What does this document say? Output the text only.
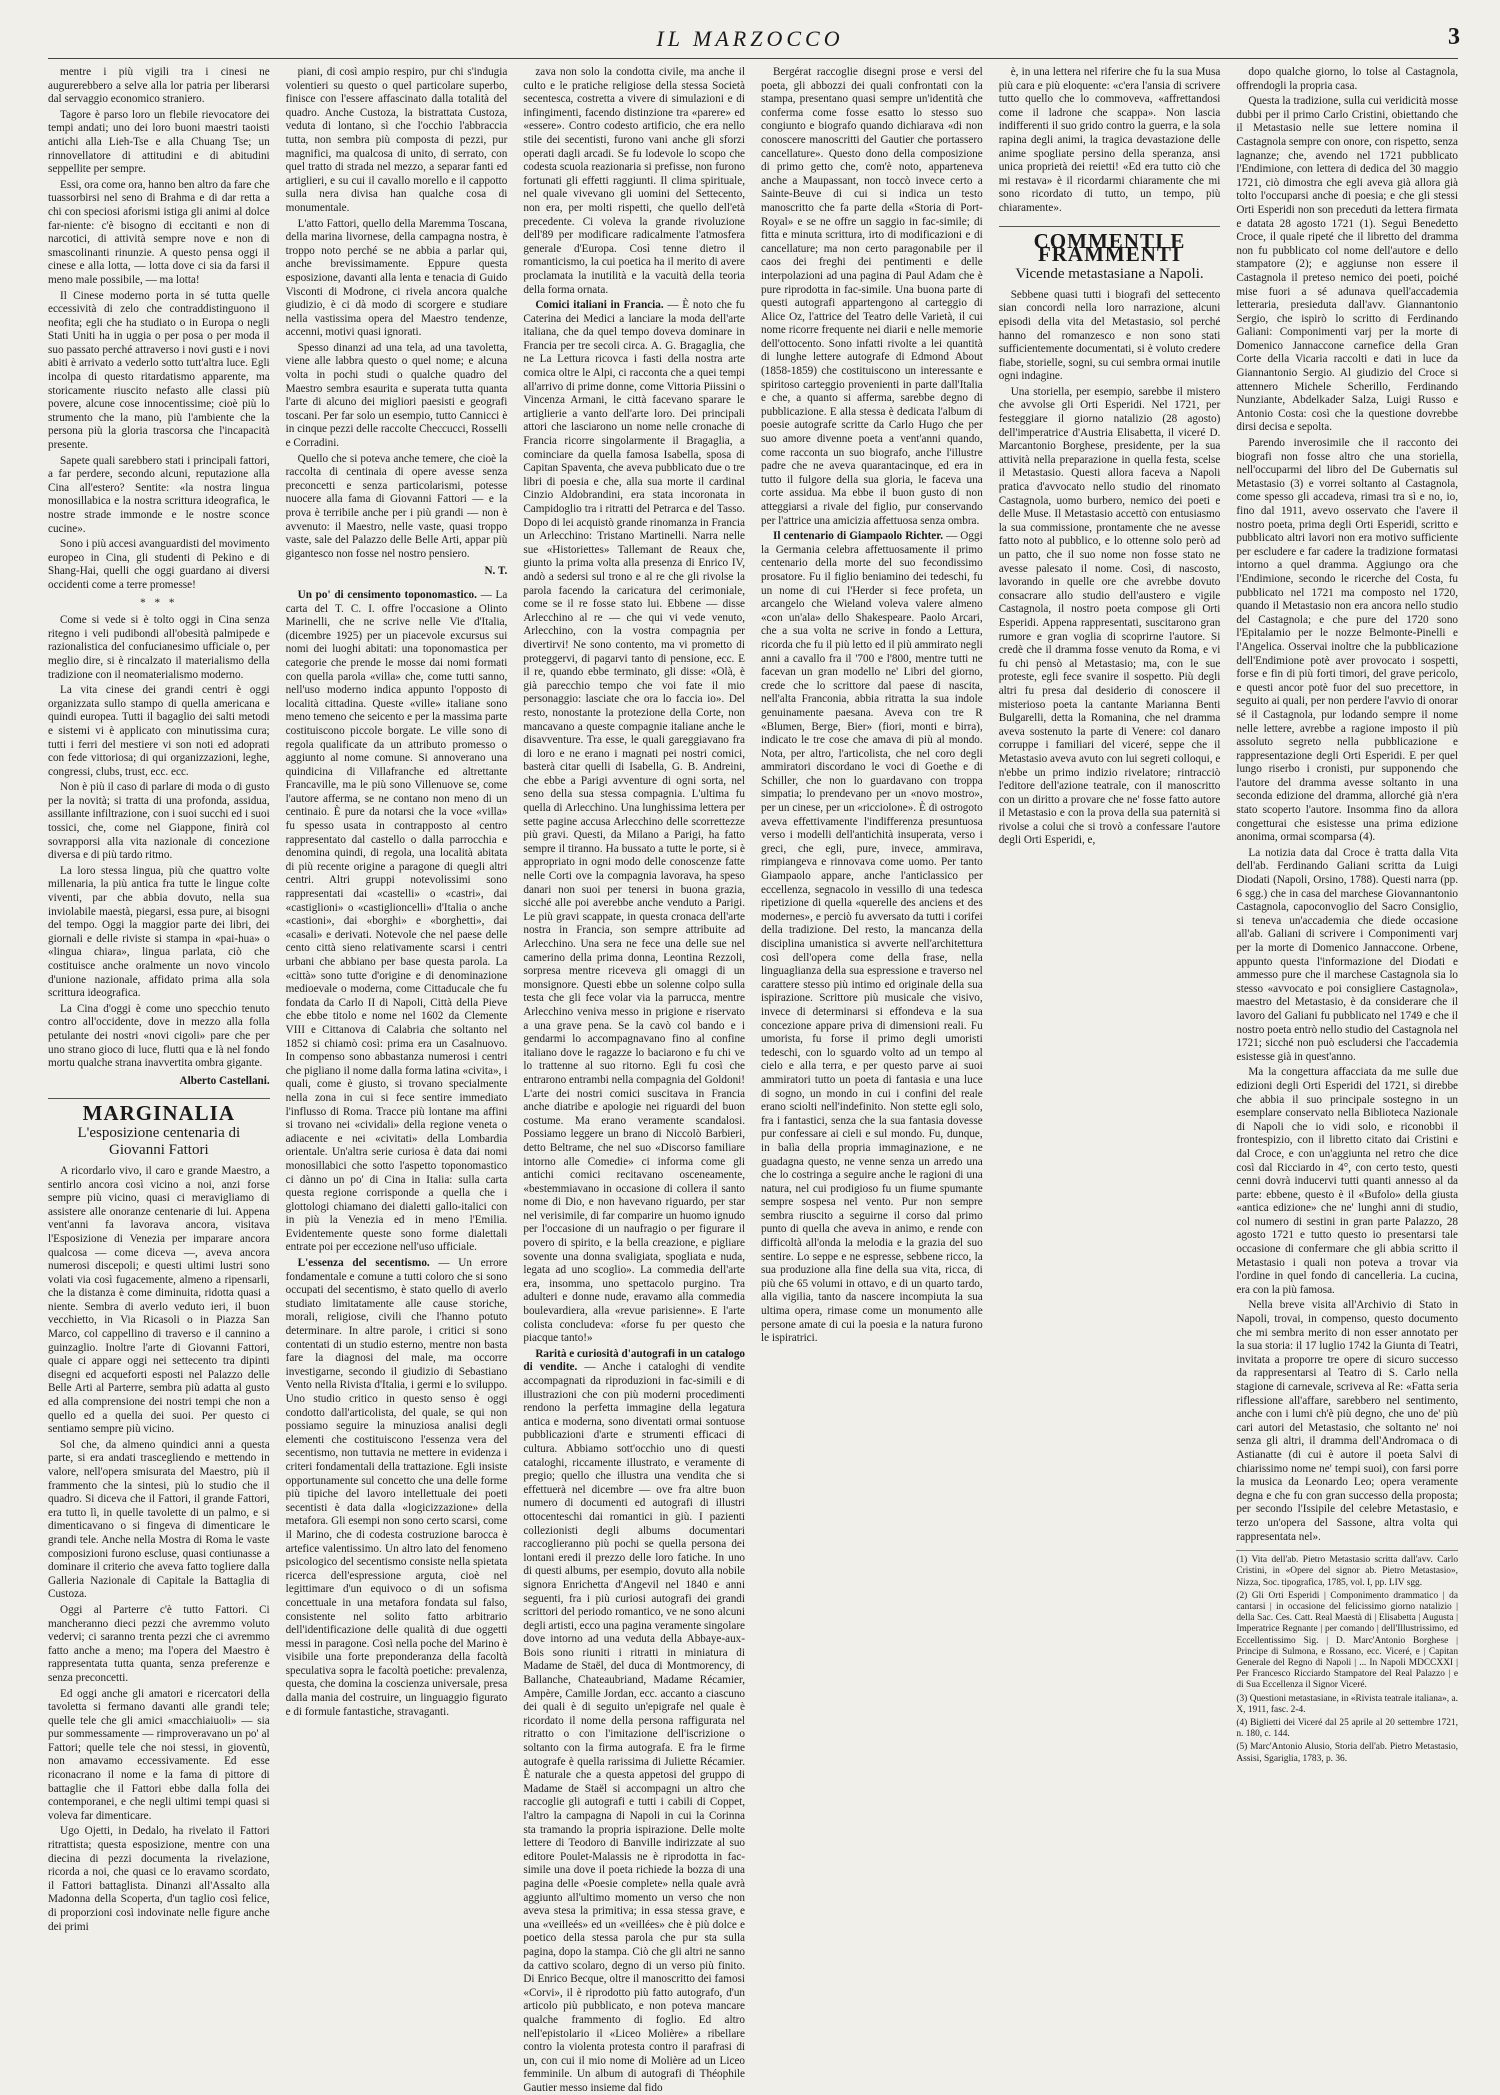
IL MARZOCCO	3

mentre i più vigili tra i cinesi ne augurerebbero a selve alla lor patria per liberarsi dal servaggio economico straniero.

Tagore è parso loro un flebile rievocatore dei tempi andati; uno dei loro buoni maestri taoisti antichi alla Lieh-Tse e alla Chuang Tse; un rinnovellatore di attitudini e di abitudini seppellite per sempre.

Essi, ora come ora, hanno ben altro da fare che tuassorbirsi nel seno di Brahma e di dar retta a chi con speciosi aforismi istiga gli animi al dolce far-niente: c'è bisogno di eccitanti e non di narcotici, di attività sempre nove e non di smascolinanti rinunzie. A questo pensa oggi il cinese e alla lotta, — lotta dove ci sia da farsi il meno male possibile, — ma lotta!

Il Cinese moderno porta in sé tutta quelle eccessività di zelo che contraddistinguono il neofita; egli che ha studiato o in Europa o negli Stati Uniti ha in uggia o per posa o per moda il suo passato perché attraverso i novi gusti e i novi abiti è arrivato a vederlo sotto tutt'altra luce. Egli incolpa di questo ritardatismo apparente, ma storicamente riuscito nefasto alle classi più povere, alcune cose innocentissime; cioè più lo strumento che la mano, più l'ambiente che la persona più la gloria trascorsa che l'incapacità presente.

Sapete quali sarebbero stati i principali fattori, a far perdere, secondo alcuni, reputazione alla Cina all'estero? Sentite: «la nostra lingua monosillabica e la nostra scrittura ideografica, le nostre strade immonde e le nostre sconce cucine».

Sono i più accesi avanguardisti del movimento europeo in Cina, gli studenti di Pekino e di Shang-Hai, quelli che oggi guardano ai diversi occidenti come a terre promesse!

* * *

Come si vede si è tolto oggi in Cina senza ritegno i veli pudibondi all'obesità palmipede e razionalistica del confucianesimo ufficiale o, per meglio dire, si è rincalzato il materialismo della tradizione con il neomaterialismo moderno.

La vita cinese dei grandi centri è oggi organizzata sullo stampo di quella americana e quindi europea. Tutti il bagaglio dei salti metodi e sistemi vi è applicato con minutissima cura; tutti i ferri del mestiere vi son noti ed adoprati con fede vittoriosa; di qui organizzazioni, leghe, congressi, clubs, trust, ecc. ecc.

Non è più il caso di parlare di moda o di gusto per la novità; si tratta di una profonda, assidua, assillante infiltrazione, con i suoi succhi ed i suoi tossici, che, come nel Giappone, finirà col sovrapporsi alla vita nazionale di concezione diversa e di più tardo ritmo.

La loro stessa lingua, più che quattro volte millenaria, la più antica fra tutte le lingue colte viventi, par che abbia dovuto, nella sua inviolabile maestà, piegarsi, essa pure, ai bisogni del tempo. Oggi la maggior parte dei libri, dei giornali e delle riviste si stampa in «pai-hua» o «lingua chiara», lingua parlata, ciò che costituisce anche oralmente un novo vincolo d'unione nazionale, affidato prima alla sola scrittura ideografica.

La Cina d'oggi è come uno specchio tenuto contro all'occidente, dove in mezzo alla folla petulante dei nostri «novi cigoli» pare che per uno strano gioco di luce, flutti qua e là nel fondo mortu qualche strana inavvertita ombra gigante.

Alberto Castellani.
MARGINALIA
L'esposizione centenaria di Giovanni Fattori

A ricordarlo vivo, il caro e grande Maestro, a sentirlo ancora così vicino a noi, anzi forse sempre più vicino, quasi ci meravigliamo di assistere alle onoranze centenarie di lui. Appena vent'anni fa lavorava ancora, visitava l'Esposizione di Venezia per imparare ancora qualcosa — come diceva —, aveva ancora numerosi discepoli; e questi ultimi lustri sono volati via così fugacemente, almeno a ripensarli, che la distanza è come diminuita, ridotta quasi a niente. Sembra di averlo veduto ieri, il buon vecchietto, in Via Ricasoli o in Piazza San Marco, col cappellino di traverso e il cannino a guinzaglio. Inoltre l'arte di Giovanni Fattori, quale ci appare oggi nei settecento tra dipinti disegni ed acqueforti esposti nel Palazzo delle Belle Arti al Parterre, sembra più adatta al gusto ed alla comprensione dei nostri tempi che non a quello ed a quella dei suoi. Per questo ci sentiamo sempre più vicino.

Sol che, da almeno quindici anni a questa parte, si era andati trascegliendo e mettendo in valore, nell'opera smisurata del Maestro, più il frammento che la sintesi, più lo studio che il quadro. Si diceva che il Fattori, il grande Fattori, era tutto lì, in quelle tavolette di un palmo, e si dimenticavano o si fingeva di dimenticare le grandi tele. Anche nella Mostra di Roma le vaste composizioni furono escluse, quasi contiunasse a dominare il criterio che aveva fatto togliere dalla Galleria Nazionale di Capitale la Battaglia di Custoza.

Oggi al Parterre c'è tutto Fattori. Ci mancheranno dieci pezzi che avremmo voluto vedervi; ci saranno trenta pezzi che ci avremmo fatto anche a meno; ma l'opera del Maestro è rappresentata tutta quanta, senza preferenze e senza preconcetti.

Ed oggi anche gli amatori e ricercatori della tavoletta si fermano davanti alle grandi tele; quelle tele che gli amici «macchiaiuoli» — sia pur sommessamente — rimproveravano un po' al Fattori; quelle tele che noi stessi, in gioventù, non amavamo eccessivamente. Ed esse riconacrano il nome e la fama di pittore di battaglie che il Fattori ebbe dalla folla dei contemporanei, e che negli ultimi tempi quasi si voleva far dimenticare.

Ugo Ojetti, in Dedalo, ha rivelato il Fattori ritrattista; questa esposizione, mentre con una diecina di pezzi documenta la rivelazione, ricorda a noi, che quasi ce lo eravamo scordato, il Fattori battaglista. Dinanzi all'Assalto alla Madonna della Scoperta, d'un taglio così felice, di proporzioni così indovinate nelle figure anche dei primi

piani, di così ampio respiro, pur chi s'indugia volentieri su questo o quel particolare superbo, finisce con l'essere affascinato dalla totalità del quadro. Anche Custoza, la bistrattata Custoza, veduta di lontano, sì che l'occhio l'abbraccia tutta, non sembra più composta di pezzi, pur magnifici, ma qualcosa di unito, di serrato, con quel tratto di strada nel mezzo, a separar fanti ed artiglieri, e su cui il cavallo morello e il cappotto sulla nera divisa han qualche cosa di monumentale.

L'atto Fattori, quello della Maremma Toscana, della marina livornese, della campagna nostra, è troppo noto perché se ne abbia a parlar qui, anche brevissimamente. Eppure questa esposizione, davanti alla lenta e tenacia di Guido Visconti di Modrone, ci rivela ancora qualche giudizio, è ci dà modo di scorgere e studiare nella vastissima opera del Maestro tendenze, accenni, motivi quasi ignorati.

Spesso dinanzi ad una tela, ad una tavoletta, viene alle labbra questo o quel nome; e alcuna volta in pochi studi o qualche quadro del Maestro sembra esaurita e superata tutta quanta l'arte di alcuno dei migliori paesisti e geografi toscani. Per far solo un esempio, tutto Cannicci è in cinque pezzi delle raccolte Checcucci, Rosselli e Corradini.

Quello che si poteva anche temere, che cioè la raccolta di centinaia di opere avesse senza preconcetti e senza particolarismi, potesse nuocere alla fama di Giovanni Fattori — e la prova è terribile anche per i più grandi — non è avvenuto: il Maestro, nelle vaste, quasi troppo vaste, sale del Palazzo delle Belle Arti, appar più gigantesco non fosse nel nostro pensiero.

N. T.

Un po' di censimento toponomastico. — La carta del T. C. I. offre l'occasione a Olinto Marinelli, che ne scrive nelle Vie d'Italia, (dicembre 1925) per un piacevole excursus sui nomi dei luoghi abitati: una toponomastica per categorie che prende le mosse dai nomi formati con quella parola «villa» che, come tutti sanno, nell'uso moderno indica appunto l'opposto di località cittadina. Queste «ville» italiane sono meno temeno che seicento e per la massima parte costituiscono piccole borgate. Le ville sono di regola qualificate da un attributo promesso o aggiunto al nome comune. Si annoverano una quindicina di Villafranche ed altrettante Francaville, ma le più sono Villenuove se, come l'autore afferma, se ne contano non meno di un centinaio. È pure da notarsi che la voce «villa» fu spesso usata in contrapposto al centro rappresentato dal castello o dalla parrocchia e denomina quindi, di regola, una località abitata di più recente origine a paragone di quegli altri centri. Altri gruppi notevolissimi sono rappresentati dai «castelli» o «castri», dai «castiglioni» o «castiglioncelli» d'Italia o anche «castioni», dai «borghi» e «borghetti», dai «casali» e derivati. Notevole che nel paese delle cento città sieno relativamente scarsi i centri urbani che abbiano per base questa parola. La «città» sono tutte d'origine e di denominazione medioevale o moderna, come Cittaducale che fu fondata da Carlo II di Napoli, Città della Pieve che ebbe titolo e nome nel 1602 da Clemente VIII e Cittanova di Calabria che soltanto nel 1852 si chiamò così: prima era un Casalnuovo. In compenso sono abbastanza numerosi i centri che pigliano il nome dalla forma latina «civita», i quali, come è giusto, si trovano specialmente nella zona in cui si fece sentire immediato l'influsso di Roma. Tracce più lontane ma affini si trovano nei «cividali» della regione veneta o adiacente e nei «civitati» della Lombardia orientale. Un'altra serie curiosa è data dai nomi monosillabici che sotto l'aspetto toponomastico ci dànno un po' di Cina in Italia: sulla carta questa regione corrisponde a quella che i glottologi chiamano dei dialetti gallo-italici con in più la Venezia ed in meno l'Emilia. Evidentemente queste sono forme dialettali entrate poi per eccezione nell'uso ufficiale.

L'essenza del secentismo. — Un errore fondamentale e comune a tutti coloro che si sono occupati del secentismo, è stato quello di averlo studiato limitatamente alle cause storiche, morali, religiose, civili che l'hanno potuto determinare. In altre parole, i critici si sono contentati di un studio esterno, mentre non basta fare la diagnosi del male, ma occorre investigarne, secondo il giudizio di Sebastiano Vento nella Rivista d'Italia, i germi e lo sviluppo. Uno studio critico in questo senso è oggi condotto dall'articolista, del quale, se qui non possiamo seguire la minuziosa analisi degli elementi che costituiscono l'essenza vera del secentismo, non tuttavia ne mettere in evidenza i criteri fondamentali della trattazione. Egli insiste opportunamente sul concetto che una delle forme più tipiche del lavoro intellettuale dei poeti secentisti è data dalla «logicizzazione» della metafora. Gli esempi non sono certo scarsi, come il Marino, che di codesta costruzione barocca è artefice valentissimo. Un altro lato del fenomeno psicologico del secentismo consiste nella spietata ricerca dell'espressione arguta, cioè nel legittimare d'un equivoco o di un sofisma concettuale in una metafora fondata sul falso, consistente nel solito fatto arbitrario dell'identificazione delle qualità di due oggetti messi in paragone. Così nella poche del Marino è visibile una forte preponderanza della facoltà speculativa sopra le facoltà poetiche: prevalenza, questa, che domina la coscienza universale, presa dalla mania del costruire, un linguaggio figurato e di formule fantastiche, stravaganti.

zava non solo la condotta civile, ma anche il culto e le pratiche religiose della stessa Società secentesca, costretta a vivere di simulazioni e di infingimenti, facendo distinzione tra «parere» ed «essere». Contro codesto artificio, che era nello stile dei secentisti, furono vani anche gli sforzi operati dagli arcadi. Se fu lodevole lo scopo che codesta scuola reazionaria si prefisse, non furono fortunati gli effetti raggiunti. Il clima spirituale, nel quale vivevano gli uomini del Settecento, non era, per molti rispetti, che quello dell'età precedente. Ci voleva la grande rivoluzione dell'89 per modificare radicalmente l'atmosfera generale d'Europa. Così tenne dietro il romanticismo, la cui poetica ha il merito di avere proclamata la inutilità e la vacuità della teoria della forma ornata.

Comici italiani in Francia. — È noto che fu Caterina dei Medici a lanciare la moda dell'arte italiana, che da quel tempo doveva dominare in Francia per tre secoli circa. A. G. Bragaglia, che ne La Lettura ricovca i fasti della nostra arte comica oltre le Alpi, ci racconta che a quei tempi all'arrivo di prime donne, come Vittoria Piissini o Vincenza Armani, le città facevano sparare le artiglierie a vanto dell'arte loro. Dei principali attori che lasciarono un nome nelle cronache di Francia ricorre singolarmente il Bragaglia, a cominciare da quella famosa Isabella, sposa di Capitan Spaventa, che aveva pubblicato due o tre libri di poesia e che, alla sua morte il cardinal Cinzio Aldobrandini, era stata incoronata in Campidoglio tra i ritratti del Petrarca e del Tasso. Dopo di lei acquistò grande rinomanza in Francia un Arlecchino: Tristano Martinelli. Narra nelle sue «Historiettes» Tallemant de Reaux che, giunto la prima volta alla presenza di Enrico IV, andò a sedersi sul trono e al re che gli rivolse la parola facendo la caricatura del cerimoniale, come se il re fosse stato lui. Ebbene — disse Arlecchino al re — che qui vi vede venuto, Arlecchino, con la vostra compagnia per divertirvi! Ne sono contento, ma vi prometto di proteggervi, di pagarvi tanto di pensione, ecc. E il re, quando ebbe terminato, gli disse: «Olà, è già parecchio tempo che voi fate il mio personaggio: lasciate che ora lo faccia io». Del resto, nonostante la protezione della Corte, non mancavano a queste compagnie italiane anche le disavventure. Tra esse, le quali gareggiavano fra di loro e ne erano i magnati pei nostri comici, basterà citar quelli di Isabella, G. B. Andreini, che ebbe a Parigi avventure di ogni sorta, nel seno della sua stessa compagnia. L'ultima fu quella di Arlecchino. Una lunghissima lettera per sette pagine accusa Arlecchino delle scorrettezze più gravi. Questi, da Milano a Parigi, ha fatto sempre il tiranno. Ha bussato a tutte le porte, si è appropriato in ogni modo delle conoscenze fatte nelle Corti ove la compagnia lavorava, ha speso danari non suoi per tenersi in buona grazia, sicché alle poi averebbe anche venduto a Parigi. Le più gravi scappate, in questa cronaca dell'arte nostra in Francia, son sempre attribuite ad Arlecchino. Una sera ne fece una delle sue nel camerino della prima donna, Leontina Rezzoli, sorpresa mentre riceveva gli omaggi di un monsignore. Questi ebbe un solenne colpo sulla testa che gli fece volar via la parrucca, mentre Arlecchino veniva messo in prigione e riservato a una grave pena. Se la cavò col bando e i gendarmi lo accompagnavano fino al confine italiano dove le ragazze lo baciarono e fu chi ve lo trattenne al suo ritorno. Egli fu così che entrarono entrambi nella compagnia del Goldoni! L'arte dei nostri comici suscitava in Francia anche diatribe e apologie nei riguardi del buon costume. Ma erano veramente scandalosi. Possiamo leggere un brano di Niccolò Barbieri, detto Beltrame, che nel suo «Discorso familiare intorno alle Comedie» ci informa come gli antichi comici recitavano osceneamente, «bestemmiavano in occasione di collera il santo nome di Dio, e non havevano riguardo, per star nel verisimile, di far comparire un huomo ignudo per l'occasione di un naufragio o per figurare il povero di spirito, e la bella creazione, e pigliare sovente una donna svaligiata, spogliata e nuda, legata ad uno scoglio». La commedia dell'arte era, insomma, uno spettacolo purgino. Tra adulteri e donne nude, eravamo alla commedia boulevardiera, alla «revue parisienne». E l'arte colista concludeva: «forse fu per questo che piacque tanto!»

Rarità e curiosità d'autografi in un catalogo di vendite. — Anche i cataloghi di vendite accompagnati da riproduzioni in fac-simili e di illustrazioni che con più moderni procedimenti rendono la perfetta immagine della legatura antica e moderna, sono diventati ormai sontuose pubblicazioni d'arte e strumenti efficaci di cultura. Abbiamo sott'occhio uno di questi cataloghi, riccamente illustrato, e veramente di pregio; quello che illustra una vendita che si effettuerà nel dicembre — ove fra altre buon numero di documenti ed autografi di illustri ottocenteschi dai romantici in giù. I pazienti collezionisti degli albums documentari raccoglieranno più pochi se quella persona dei lontani eredi il prezzo delle loro fatiche. In uno di questi albums, per esempio, dovuto alla nobile signora Enrichetta d'Angevil nel 1840 e anni seguenti, fra i più curiosi autografi dei grandi scrittori del periodo romantico, ve ne sono alcuni degli artisti, ecco una pagina veramente singolare dove intorno ad una veduta della Abbaye-aux-Bois sono riuniti i ritratti in miniatura di Madame de Staël, del duca di Montmorency, di Ballanche, Chateaubriand, Madame Récamier, Ampère, Camille Jordan, ecc. accanto a ciascuno dei quali è di seguito un'epigrafe nel quale è ricordato il nome della persona raffigurata nel ritratto o con l'imitazione dell'iscrizione o soltanto con la firma autografa. E fra le firme autografe è quella rarissima di Juliette Récamier. È naturale che a questa appetosi del gruppo di Madame de Staël si accompagni un altro che raccoglie gli autografi e tutti i cabili di Coppet, l'altro la campagna di Napoli in cui la Corinna sta tramando la propria ispirazione. Delle molte lettere di Teodoro di Banville indirizzate al suo editore Poulet-Malassis ne è riprodotta in fac-simile una dove il poeta richiede la bozza di una pagina delle «Poesie complete» nella quale avrà aggiunto all'ultimo momento un verso che non aveva stesa la primitiva; in essa stessa grave, e una «veilleés» ed un «veillées» che è più dolce e poetico della stessa parola che pur sta sulla pagina, dopo la stampa. Ciò che gli altri ne sanno da cattivo scolaro, degno di un verso più finito. Di Enrico Becque, oltre il manoscritto dei famosi «Corvi», il è riprodotto più fatto autografo, d'un articolo più pubblicato, e non poteva mancare qualche frammento di foglio. Ed altro nell'epistolario il «Liceo Molière» a ribellare contro la violenta protesta contro il parafrasi di un, con cui il mio nome di Molière ad un Liceo femminile. Un album di autografi di Théophile Gautier messo insieme dal fido

Bergérat raccoglie disegni prose e versi del poeta, gli abbozzi dei quali confrontati con la stampa, presentano quasi sempre un'identità che conferma come fosse esatto lo stesso suo congiunto e biografo quando dichiarava «di non conoscere manoscritti del Gautier che portassero cancellature». Questo dono della composizione di primo getto che, com'è noto, apparteneva anche a Maupassant, non toccò invece certo a Sainte-Beuve di cui si indica un testo manoscritto che fa parte della «Storia di Port-Royal» e se ne offre un saggio in fac-simile; di fitta e minuta scrittura, irto di modificazioni e di cancellature; ma non certo paragonabile per il caos dei freghi dei pentimenti e delle interpolazioni ad una pagina di Paul Adam che è pure riprodotta in fac-simile. Una buona parte di questi autografi appartengono al carteggio di Alice Oz, l'attrice del Teatro delle Varietà, il cui nome ricorre frequente nei diarii e nelle memorie dell'ottocento. Sono infatti rivolte a lei quantità di lunghe lettere autografe di Edmond About (1858-1859) che costituiscono un interessante e spiritoso carteggio provenienti in parte dall'Italia e che, a quanto si afferma, sarebbe degno di pubblicazione. E alla stessa è dedicata l'album di poesie autografe scritte da Carlo Hugo che per suo amore divenne poeta a vent'anni quando, come racconta un suo biografo, anche l'illustre padre che ne aveva quarantacinque, ed era in tutto il fulgore della sua gloria, le faceva una corte assidua. Ma ebbe il buon gusto di non atteggiarsi a rivale del figlio, pur conservando per l'attrice una amicizia affettuosa senza ombra.

Il centenario di Giampaolo Richter. — Oggi la Germania celebra affettuosamente il primo centenario della morte del suo fecondissimo prosatore. Fu il figlio beniamino dei tedeschi, fu un nome di cui l'Herder si fece profeta, un arcangelo che Wieland voleva valere almeno «con un'ala» dello Shakespeare. Paolo Arcari, che a sua volta ne scrive in fondo a Lettura, ricorda che fu il più letto ed il più ammirato negli anni a cavallo fra il '700 e l'800, mentre tutti ne facevan un gran modello ne' Libri del giorno, crede che lo scrittore dal paese di nascita, nell'alta Franconia, abbia ritratta la sua indole genuinamente paesana. Aveva con tre R «Blumen, Berge, Bier» (fiori, monti e birra), indicato le tre cose che amava di più al mondo. Nota, per altro, l'articolista, che nel coro degli ammiratori discordano le voci di Goethe e di Schiller, che non lo guardavano con troppa simpatia; lo prendevano per un «novo mostro», per un cinese, per un «ricciolone». È di ostrogoto aveva effettivamente l'indifferenza presuntuosa verso i modelli dell'antichità insuperata, verso i greci, che egli, pure, invece, ammirava, rimpiangeva e rinnovava come uomo. Per tanto Giampaolo appare, anche l'anticlassico per eccellenza, segnacolo in vessillo di una tedesca ripetizione di quella «querelle des anciens et des modernes», e perciò fu avversato da tutti i corifei della tradizione. Del resto, la mancanza della disciplina umanistica si avverte nell'architettura così dell'opera come della frase, nella linguaglianza della sua espressione e traverso nel carattere stesso più intimo ed originale della sua ispirazione. Scrittore più musicale che visivo, invece di determinarsi si effondeva e la sua concezione appare priva di dimensioni reali. Fu umorista, fu forse il primo degli umoristi tedeschi, con lo sguardo volto ad un tempo al cielo e alla terra, e per questo parve ai suoi ammiratori tutto un poeta di fantasia e una luce di sogno, un mondo in cui i confini del reale erano sciolti nell'indefinito. Non stette egli solo, fra i fantastici, senza che la sua fantasia dovesse pur confessare ai cieli e sul mondo. Fu, dunque, in balìa della propria immaginazione, e ne guadagna questo, ne venne senza un arredo una che lo costringa a seguire anche le ragioni di una natura, nel cui prodigioso fu un fiume spumante sempre sospesa nel vento. Pur non sempre sembra riuscito a seguirne il corso dal primo punto di quella che aveva in animo, e rende con difficoltà all'onda la melodia e la grazia del suo sentire. Lo seppe e ne espresse, sebbene ricco, la sua produzione alla fine della sua vita, ricca, di più che 65 volumi in ottavo, e di un quarto tardo, alla vigilia, tanto da nascere incompiuta la sua ultima opera, rimase come un monumento alle persone amate di cui la poesia e la natura furono le ispiratrici.

è, in una lettera nel riferire che fu la sua Musa più cara e più eloquente: «c'era l'ansia di scrivere tutto quello che lo commoveva, «affrettandosi come il ladrone che scappa». Non lascia indifferenti il suo grido contro la guerra, e la sola rapina degli animi, la tragica devastazione delle anime spogliate persino della speranza, ansi unica proprietà dei reietti! «Ed era tutto ciò che mi restava» è il ricordarmi chiaramente che mi sono ricordato di tutto, un tempo, più chiaramente».

COMMENTI E FRAMMENTI
Vicende metastasiane a Napoli.

Sebbene quasi tutti i biografi del settecento sian concordi nella loro narrazione, alcuni episodi della vita del Metastasio, sol perché hanno del romanzesco e non sono stati sufficientemente documentati, si è voluto credere fiabe, storielle, sogni, su cui sembra ormai inutile ogni indagine.

Una storiella, per esempio, sarebbe il mistero che avvolse gli Orti Esperidi. Nel 1721, per festeggiare il giorno natalizio (28 agosto) dell'imperatrice d'Austria Elisabetta, il viceré D. Marcantonio Borghese, presidente, per la sua attività nella preparazione in quella festa, scelse il Metastasio. Questi allora faceva a Napoli pratica d'avvocato nello studio del rinomato Castagnola, uomo burbero, nemico dei poeti e delle Muse. Il Metastasio accettò con entusiasmo la sua commissione, prontamente che ne avesse fatto noto al pubblico, e lo ottenne solo però ad un patto, che il suo nome non fosse stato ne avesse palesato il nome. Così, di nascosto, lavorando in quelle ore che avrebbe dovuto consacrare allo studio dell'austero e vigile Castagnola, il nostro poeta compose gli Orti Esperidi. Appena rappresentati, suscitarono gran rumore e gran voglia di scoprirne l'autore. Si credè che il dramma fosse venuto da Roma, e vi fu chi pensò al Metastasio; ma, con le sue proteste, egli fece svanire il sospetto. Più degli altri fu presa dal desiderio di conoscere il misterioso poeta la cantante Marianna Benti Bulgarelli, detta la Romanina, che nel dramma aveva sostenuto la parte di Venere: col danaro corruppe i familiari del viceré, seppe che il Metastasio aveva avuto con lui segreti colloqui, e n'ebbe un primo indizio rivelatore; rintracciò l'editore dell'azione teatrale, con il manoscritto con un diritto a provare che ne' fosse fatto autore il Metastasio e con la prova della sua paternità si rivolse a colui che si trovò a confessare l'autore degli Orti Esperidi, e,

dopo qualche giorno, lo tolse al Castagnola, offrendogli la propria casa.

Questa la tradizione, sulla cui veridicità mosse dubbi per il primo Carlo Cristini, obiettando che il Metastasio nelle sue lettere nomina il Castagnola sempre con onore, con rispetto, senza lagnanze; che, avendo nel 1721 pubblicato l'Endimione, con lettera di dedica del 30 maggio 1721, ciò dimostra che egli aveva già allora già tolto l'occuparsi anche di poesia; e che gli stessi Orti Esperidi non son preceduti da lettera firmata e datata 28 agosto 1721 (1). Seguì Benedetto Croce, il quale ripeté che il libretto del dramma non fu pubblicato col nome dell'autore e dello stampatore (2); e aggiunse non essere il Castagnola il preteso nemico dei poeti, poiché mise fuori a sé adunava quell'accademia letteraria, presieduta dall'avv. Giannantonio Sergio, che ispirò lo scritto di Ferdinando Galiani: Componimenti varj per la morte di Domenico Jannaccone carnefice della Gran Corte della Vicaria raccolti e dati in luce da Giannantonio Sergio. Al giudizio del Croce si attennero Michele Scherillo, Ferdinando Nunziante, Abdelkader Salza, Luigi Russo e Antonio Costa: così che la questione dovrebbe dirsi decisa e sepolta.

Parendo inverosimile che il racconto dei biografi non fosse altro che una storiella, nell'occuparmi del libro del De Gubernatis sul Metastasio (3) e vorrei soltanto al Castagnola, come spesso gli accadeva, rimasi tra sì e no, io, fino dal 1911, avevo osservato che l'avere il nostro poeta, prima degli Orti Esperidi, scritto e pubblicato altri lavori non era motivo sufficiente per escludere e far cadere la tradizione formatasi intorno a quel dramma. Aggiungo ora che l'Endimione, secondo le ricerche del Costa, fu pubblicato nel 1721 ma composto nel 1720, quando il Metastasio non era ancora nello studio del Castagnola; e che pure del 1720 sono l'Epitalamio per le nozze Belmonte-Pinelli e l'Angelica. Osservai inoltre che la pubblicazione dell'Endimione potè aver provocato i sospetti, forse e fin di più forti timori, del grave pericolo, e questi ancor potè fuor del suo precettore, in seguito ai quali, per non perdere l'avvio di onorar sé il Castagnola, pur lodando sempre il nome nelle lettere, avrebbe a ragione imposto il più assoluto segreto nella pubblicazione e rappresentazione degli Orti Esperidi. E per quel lungo riserbo i cronisti, pur supponendo che l'autore del dramma avesse soltanto in una seconda edizione del dramma, allorché già n'era stato scoperto l'autore. Insomma fino da allora congetturai che esistesse una prima edizione anonima, ormai scomparsa (4).

La notizia data dal Croce è tratta dalla Vita dell'ab. Ferdinando Galiani scritta da Luigi Diodati (Napoli, Orsino, 1788). Questi narra (pp. 6 sgg.) che in casa del marchese Giovannantonio Castagnola, capoconvoglio del Sacro Consiglio, si teneva un'accademia che diede occasione all'ab. Galiani di scrivere i Componimenti varj per la morte di Domenico Jannaccone. Orbene, appunto questa l'informazione del Diodati e ammesso pure che il marchese Castagnola sia lo stesso «avvocato e poi consigliere Castagnola», maestro del Metastasio, è da considerare che il lavoro del Galiani fu pubblicato nel 1749 e che il nostro poeta entrò nello studio del Castagnola nel 1721; sicché non può escludersi che l'accademia esistesse già in quest'anno.

Ma la congettura affacciata da me sulle due edizioni degli Orti Esperidi del 1721, si direbbe che abbia il suo principale sostegno in un esemplare conservato nella Biblioteca Nazionale di Napoli che io vidi solo, e riconobbi il frontespizio, con il libretto citato dai Cristini e dal Croce, e con un'aggiunta nel retro che dice così dal Ricciardo in 4°, con certo testo, questi cenni dovrà inducervi tutti quanti annesso al da parte: ebbene, questo è il «Bufolo» della giusta «antica edizione» che ne' lunghi anni di studio, col numero di sestini in gran parte Palazzo, 28 agosto 1721 e tutto questo io presentarsi tale occasione di confermare che gli abbia scritto il Metastasio i quali non poteva a trovar via l'ordine in quel fondo di cancelleria. La cucina, era con la più famosa.

Nella breve visita all'Archivio di Stato in Napoli, trovai, in compenso, questo documento che mi sembra merito di non esser annotato per la sua storia: il 17 luglio 1742 la Giunta di Teatri, invitata a proporre tre opere di sicuro successo da rappresentarsi al Teatro di S. Carlo nella stagione di carnevale, scriveva al Re: «Fatta seria riflessione all'affare, sarebbero nel sentimento, anche con i lumi ch'è più degno, che uno de' più cari autori del Metastasio, che soltanto ne' noi senza gli altri, il dramma dell'Andromaca o di Astianatte (di cui è autore il poeta Salvi di chiarissimo nome ne' tempi suoi), con farsi porre la musica da Leonardo Leo; opera veramente degna e che fu con gran successo della proposta; per secondo l'Issipile del celebre Metastasio, e terzo un'opera del Sassone, altra volta qui rappresentata nel».

(1) Vita dell'ab. Pietro Metastasio scritta dall'avv. Carlo Cristini, in «Opere del signor ab. Pietro Metastasio», Nizza, Soc. tipografica, 1785, vol. I, pp. LIV sgg.

(2) Gli Orti Esperidi | Componimento drammatico | da cantarsi | in occasione del felicissimo giorno natalizio | della Sac. Ces. Catt. Real Maestà di | Elisabetta | Augusta | Imperatrice Regnante | per comando | dell'Illustrissimo, ed Eccellentissimo Sig. | D. Marc'Antonio Borghese | Principe di Sulmona, e Rossano, ecc. Viceré, e | Capitan Generale del Regno di Napoli | ... In Napoli MDCCXXI | Per Francesco Ricciardo Stampatore del Real Palazzo | e di Sua Eccellenza il Signor Viceré.

(3) Questioni metastasiane, in «Rivista teatrale italiana», a. X, 1911, fasc. 2-4.

(4) Biglietti dei Viceré dal 25 aprile al 20 settembre 1721, n. 180, c. 144.

(5) Marc'Antonio Alusio, Storia dell'ab. Pietro Metastasio, Assisi, Sgariglia, 1783, p. 36.
